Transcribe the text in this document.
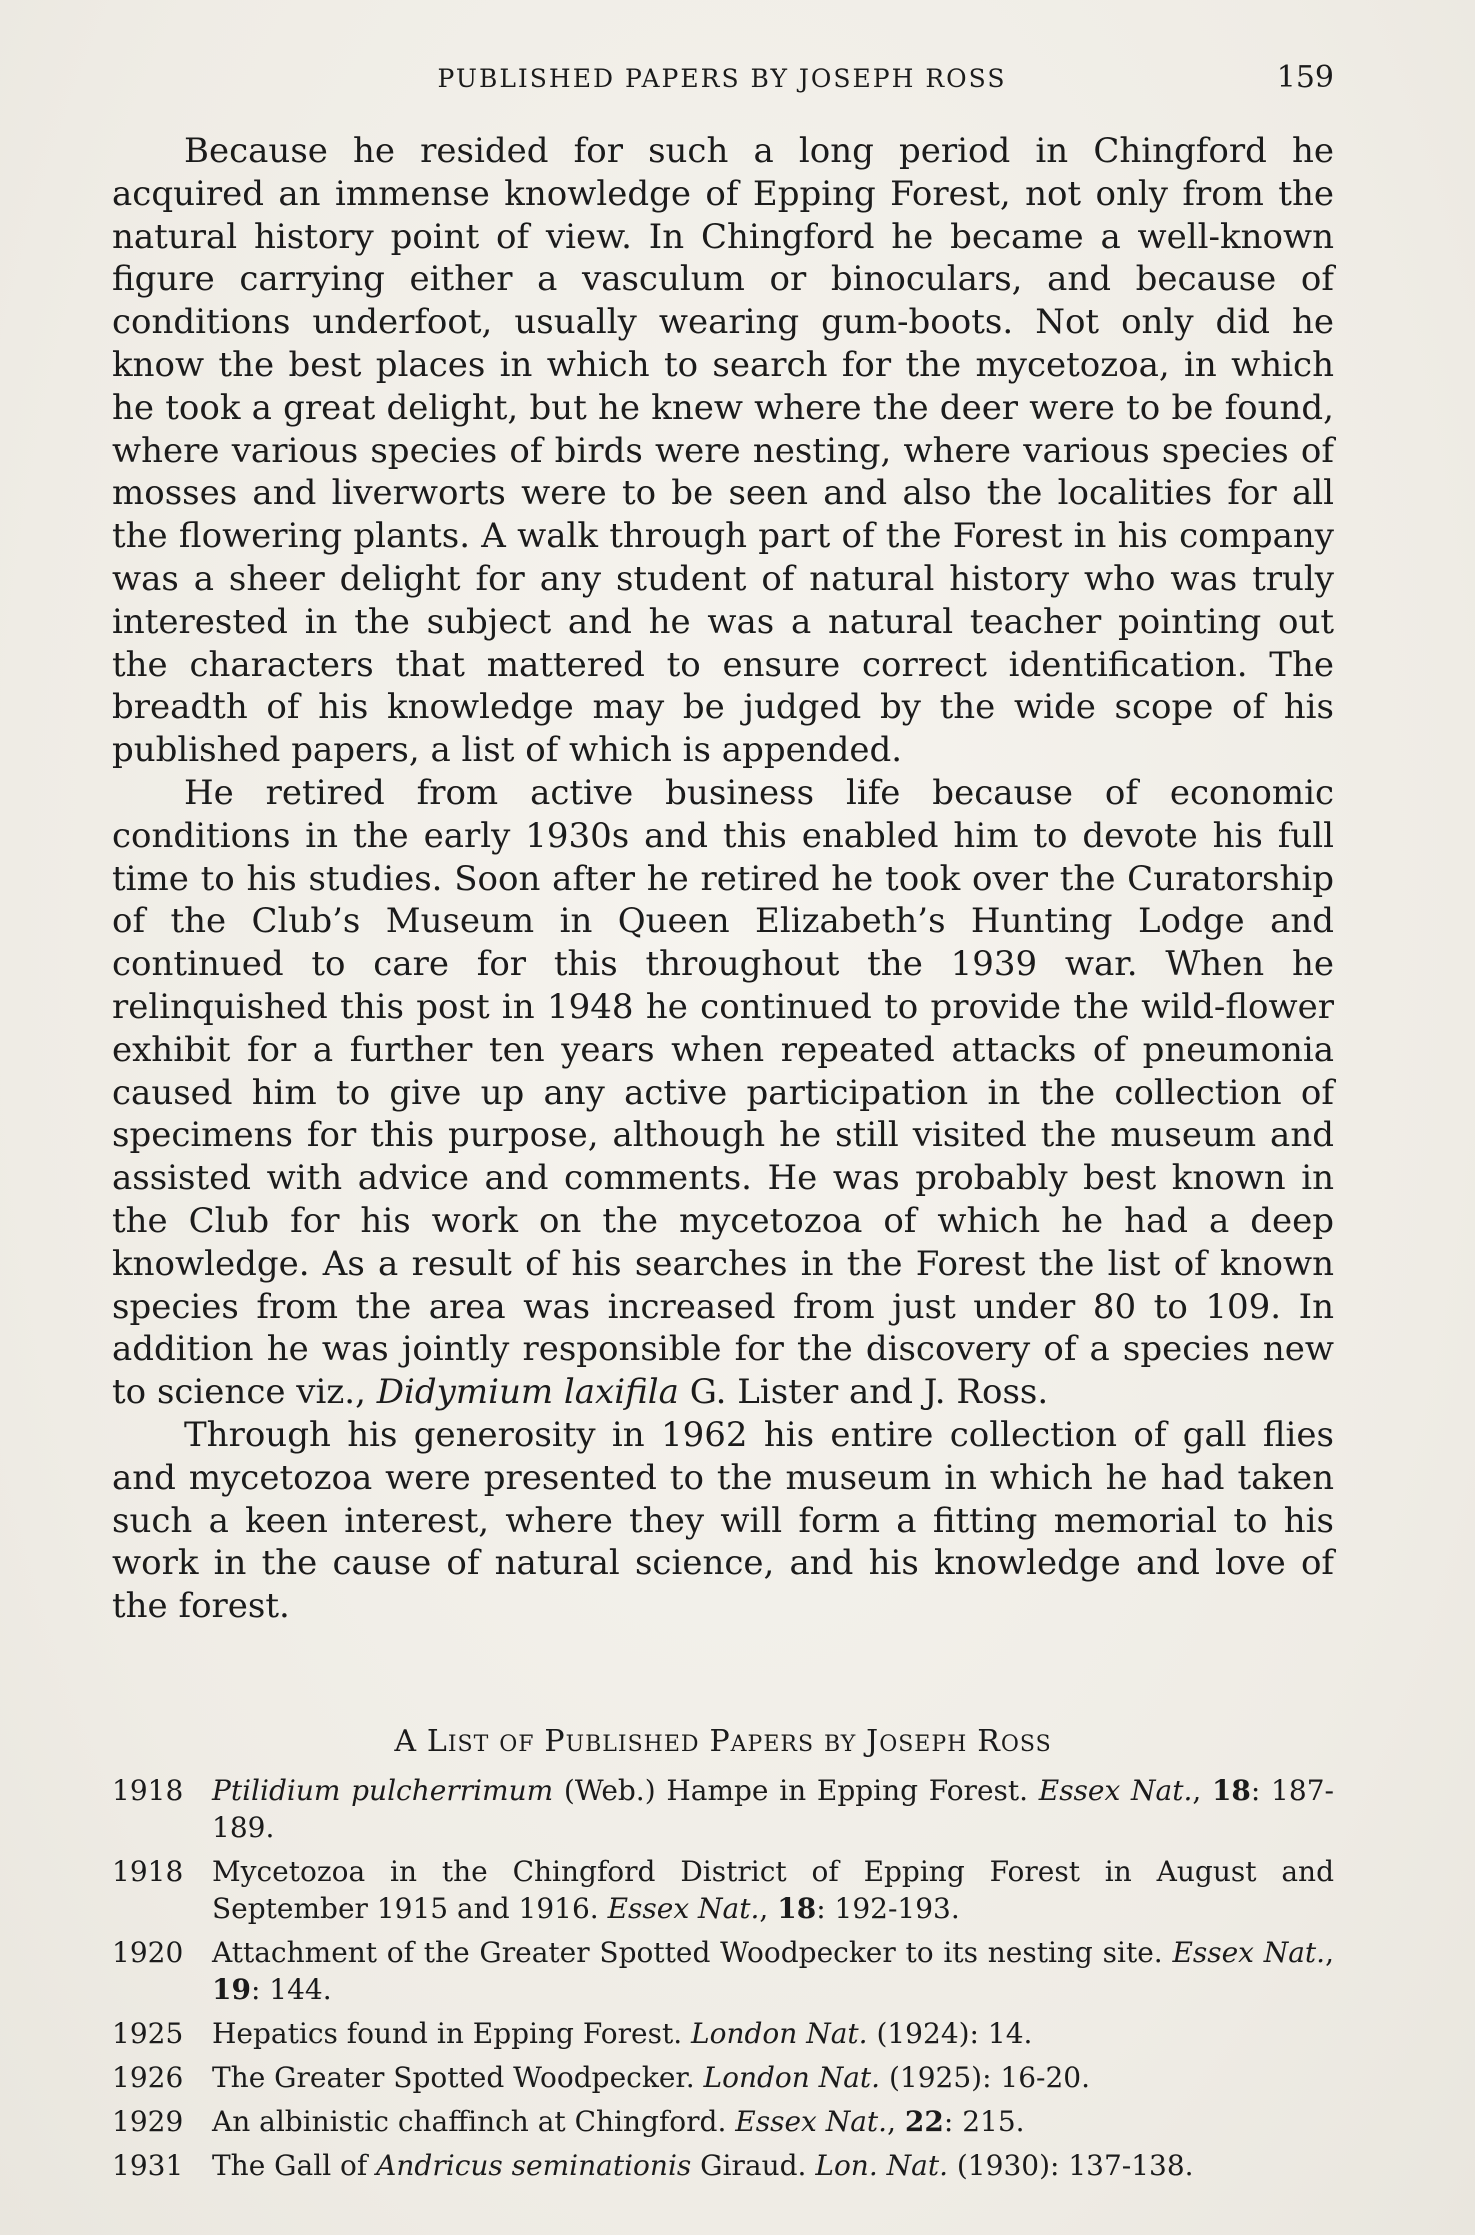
PUBLISHED PAPERS BY JOSEPH ROSS	159

Because he resided for such a long period in Chingford he acquired an immense knowledge of Epping Forest, not only from the natural history point of view. In Chingford he became a well-known figure carrying either a vasculum or binoculars, and because of conditions underfoot, usually wearing gum-boots. Not only did he know the best places in which to search for the mycetozoa, in which he took a great delight, but he knew where the deer were to be found, where various species of birds were nesting, where various species of mosses and liverworts were to be seen and also the localities for all the flowering plants. A walk through part of the Forest in his company was a sheer delight for any student of natural history who was truly interested in the subject and he was a natural teacher pointing out the characters that mattered to ensure correct identification. The breadth of his knowledge may be judged by the wide scope of his published papers, a list of which is appended.

He retired from active business life because of economic conditions in the early 1930s and this enabled him to devote his full time to his studies. Soon after he retired he took over the Curatorship of the Club’s Museum in Queen Elizabeth’s Hunting Lodge and continued to care for this throughout the 1939 war. When he relinquished this post in 1948 he continued to provide the wild-flower exhibit for a further ten years when repeated attacks of pneumonia caused him to give up any active participation in the collection of specimens for this purpose, although he still visited the museum and assisted with advice and comments. He was probably best known in the Club for his work on the mycetozoa of which he had a deep knowledge. As a result of his searches in the Forest the list of known species from the area was increased from just under 80 to 109. In addition he was jointly responsible for the discovery of a species new to science viz., Didymium laxifila G. Lister and J. Ross.

Through his generosity in 1962 his entire collection of gall flies and mycetozoa were presented to the museum in which he had taken such a keen interest, where they will form a fitting memorial to his work in the cause of natural science, and his knowledge and love of the forest.

A LIST OF PUBLISHED PAPERS BY JOSEPH ROSS
1918 Ptilidium pulcherrimum (Web.) Hampe in Epping Forest. Essex Nat., 18: 187-189.
1918 Mycetozoa in the Chingford District of Epping Forest in August and September 1915 and 1916. Essex Nat., 18: 192-193.
1920 Attachment of the Greater Spotted Woodpecker to its nesting site. Essex Nat., 19: 144.
1925 Hepatics found in Epping Forest. London Nat. (1924): 14.
1926 The Greater Spotted Woodpecker. London Nat. (1925): 16-20.
1929 An albinistic chaffinch at Chingford. Essex Nat., 22: 215.
1931 The Gall of Andricus seminationis Giraud. Lon. Nat. (1930): 137-138.
